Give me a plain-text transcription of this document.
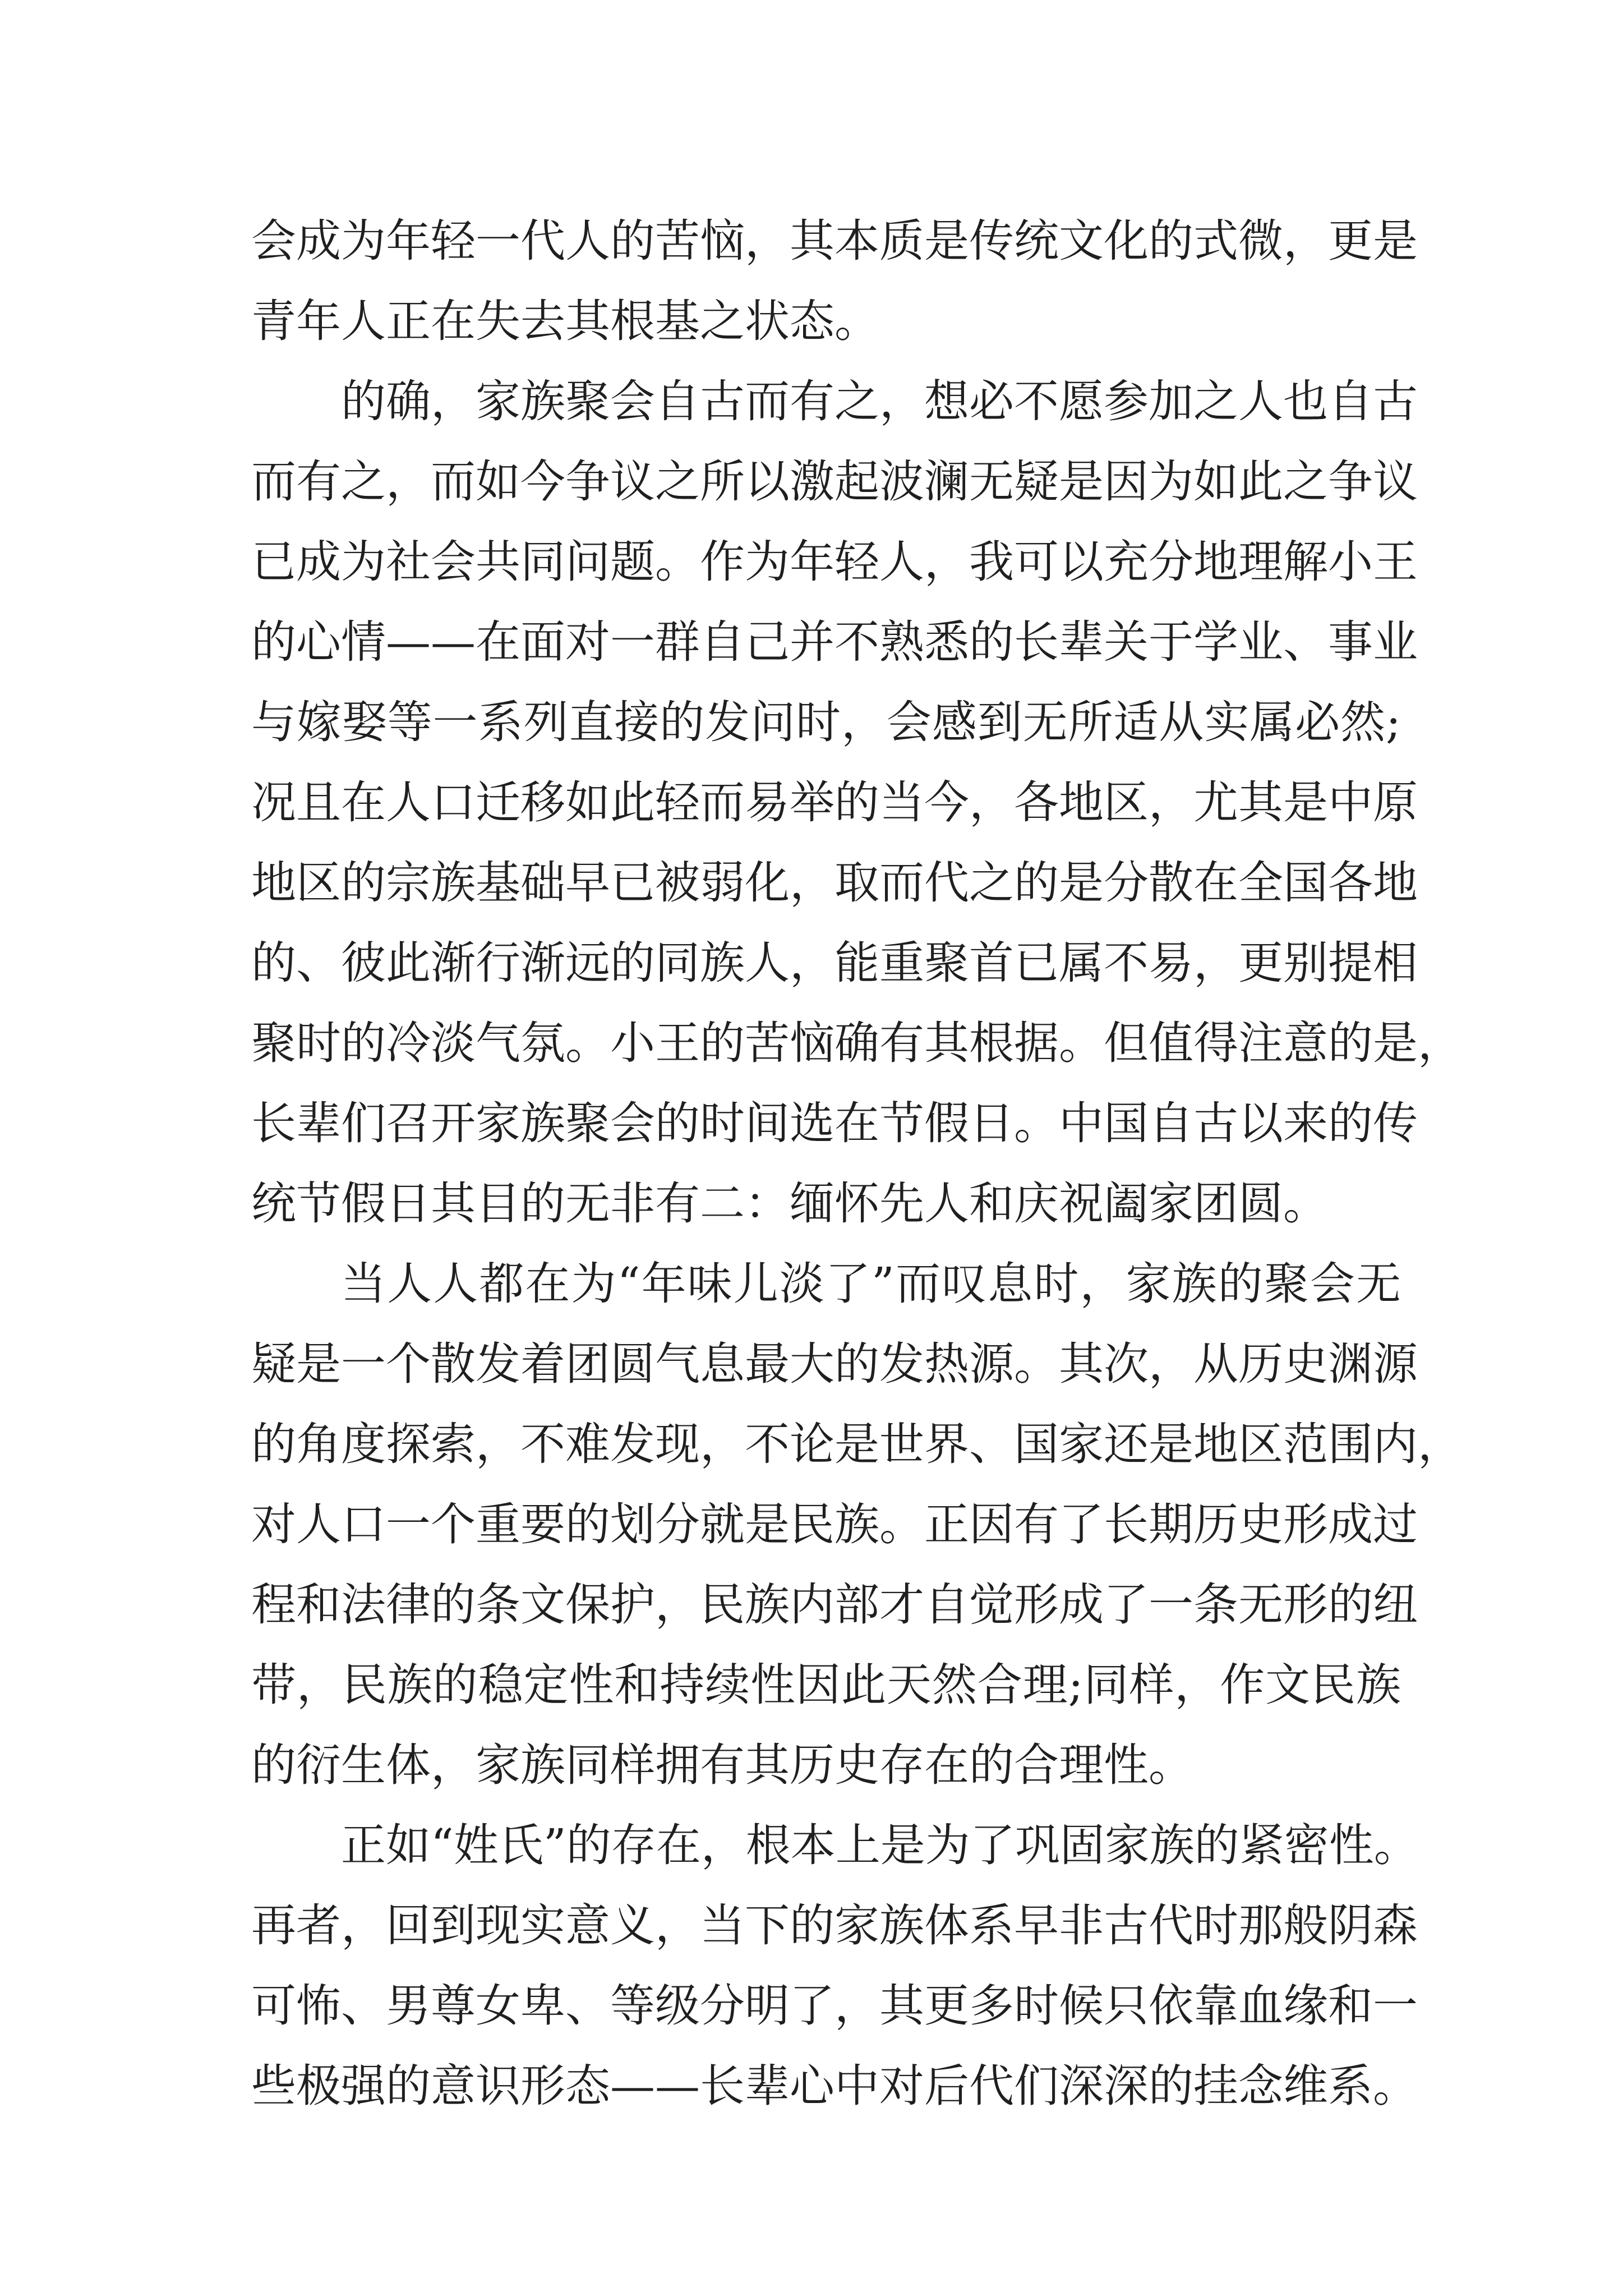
会成为年轻一代人的苦恼，其本质是传统文化的式微，更是
青年人正在失去其根基之状态。
的确，家族聚会自古而有之，想必不愿参加之人也自古
而有之，而如今争议之所以激起波澜无疑是因为如此之争议
已成为社会共同问题。作为年轻人，我可以充分地理解小王
的心情——在面对一群自己并不熟悉的长辈关于学业、事业
与嫁娶等一系列直接的发问时，会感到无所适从实属必然;
况且在人口迁移如此轻而易举的当今，各地区，尤其是中原
地区的宗族基础早已被弱化，取而代之的是分散在全国各地
的、彼此渐行渐远的同族人，能重聚首已属不易，更别提相
聚时的冷淡气氛。小王的苦恼确有其根据。但值得注意的是，
长辈们召开家族聚会的时间选在节假日。中国自古以来的传
统节假日其目的无非有二：缅怀先人和庆祝阖家团圆。
当人人都在为“年味儿淡了”而叹息时，家族的聚会无
疑是一个散发着团圆气息最大的发热源。其次，从历史渊源
的角度探索，不难发现，不论是世界、国家还是地区范围内，
对人口一个重要的划分就是民族。正因有了长期历史形成过
程和法律的条文保护，民族内部才自觉形成了一条无形的纽
带，民族的稳定性和持续性因此天然合理;同样，作文民族
的衍生体，家族同样拥有其历史存在的合理性。
正如“姓氏”的存在，根本上是为了巩固家族的紧密性。
再者，回到现实意义，当下的家族体系早非古代时那般阴森
可怖、男尊女卑、等级分明了，其更多时候只依靠血缘和一
些极强的意识形态——长辈心中对后代们深深的挂念维系。
